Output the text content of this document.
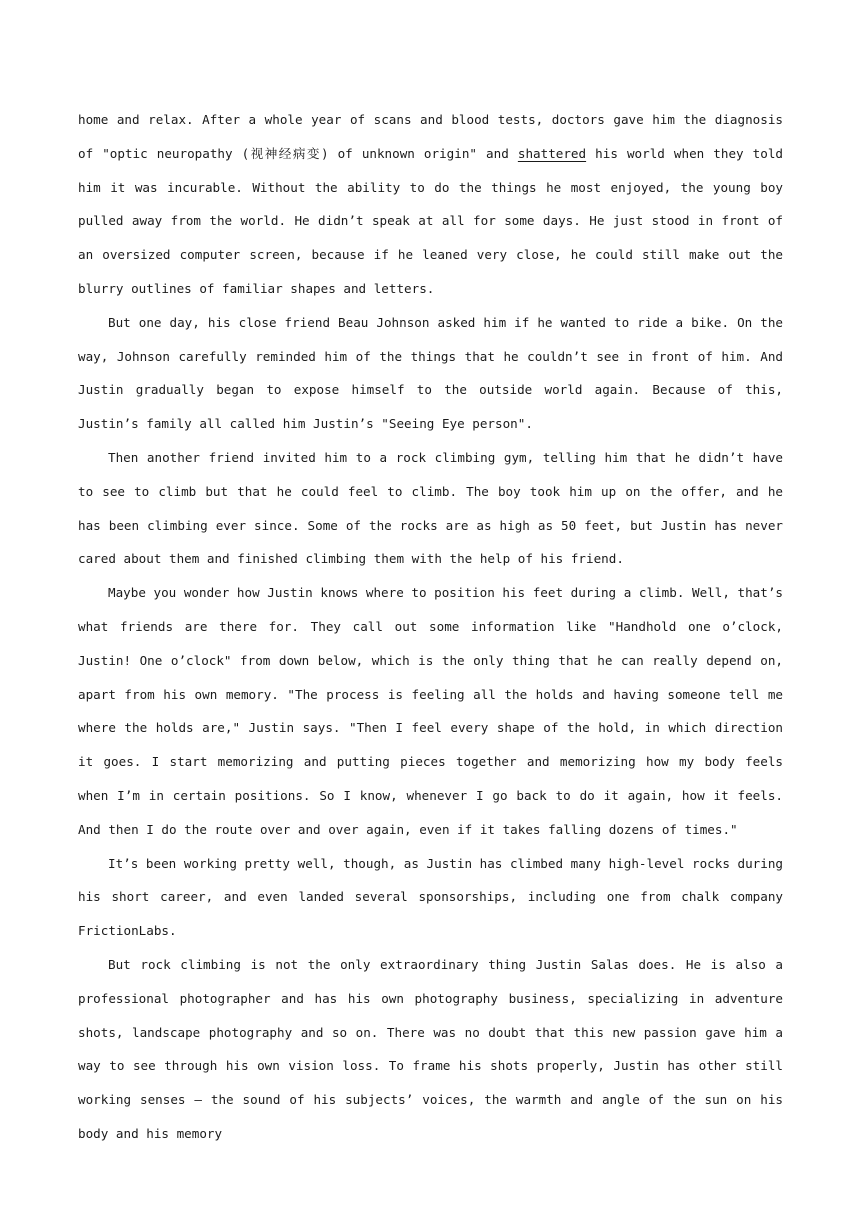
home and relax. After a whole year of scans and blood tests, doctors gave him the diagnosis of "optic neuropathy (视神经病变) of unknown origin" and shattered his world when they told him it was incurable. Without the ability to do the things he most enjoyed, the young boy pulled away from the world. He didn’t speak at all for some days. He just stood in front of an oversized computer screen, because if he leaned very close, he could still make out the blurry outlines of familiar shapes and letters.

But one day, his close friend Beau Johnson asked him if he wanted to ride a bike. On the way, Johnson carefully reminded him of the things that he couldn’t see in front of him. And Justin gradually began to expose himself to the outside world again. Because of this, Justin’s family all called him Justin’s "Seeing Eye person".

Then another friend invited him to a rock climbing gym, telling him that he didn’t have to see to climb but that he could feel to climb. The boy took him up on the offer, and he has been climbing ever since. Some of the rocks are as high as 50 feet, but Justin has never cared about them and finished climbing them with the help of his friend.

Maybe you wonder how Justin knows where to position his feet during a climb. Well, that’s what friends are there for. They call out some information like "Handhold one o’clock, Justin! One o’clock" from down below, which is the only thing that he can really depend on, apart from his own memory. "The process is feeling all the holds and having someone tell me where the holds are," Justin says. "Then I feel every shape of the hold, in which direction it goes. I start memorizing and putting pieces together and memorizing how my body feels when I’m in certain positions. So I know, whenever I go back to do it again, how it feels. And then I do the route over and over again, even if it takes falling dozens of times."

It’s been working pretty well, though, as Justin has climbed many high-level rocks during his short career, and even landed several sponsorships, including one from chalk company FrictionLabs.

But rock climbing is not the only extraordinary thing Justin Salas does. He is also a professional photographer and has his own photography business, specializing in adventure shots, landscape photography and so on. There was no doubt that this new passion gave him a way to see through his own vision loss. To frame his shots properly, Justin has other still working senses — the sound of his subjects’ voices, the warmth and angle of the sun on his body and his memory
